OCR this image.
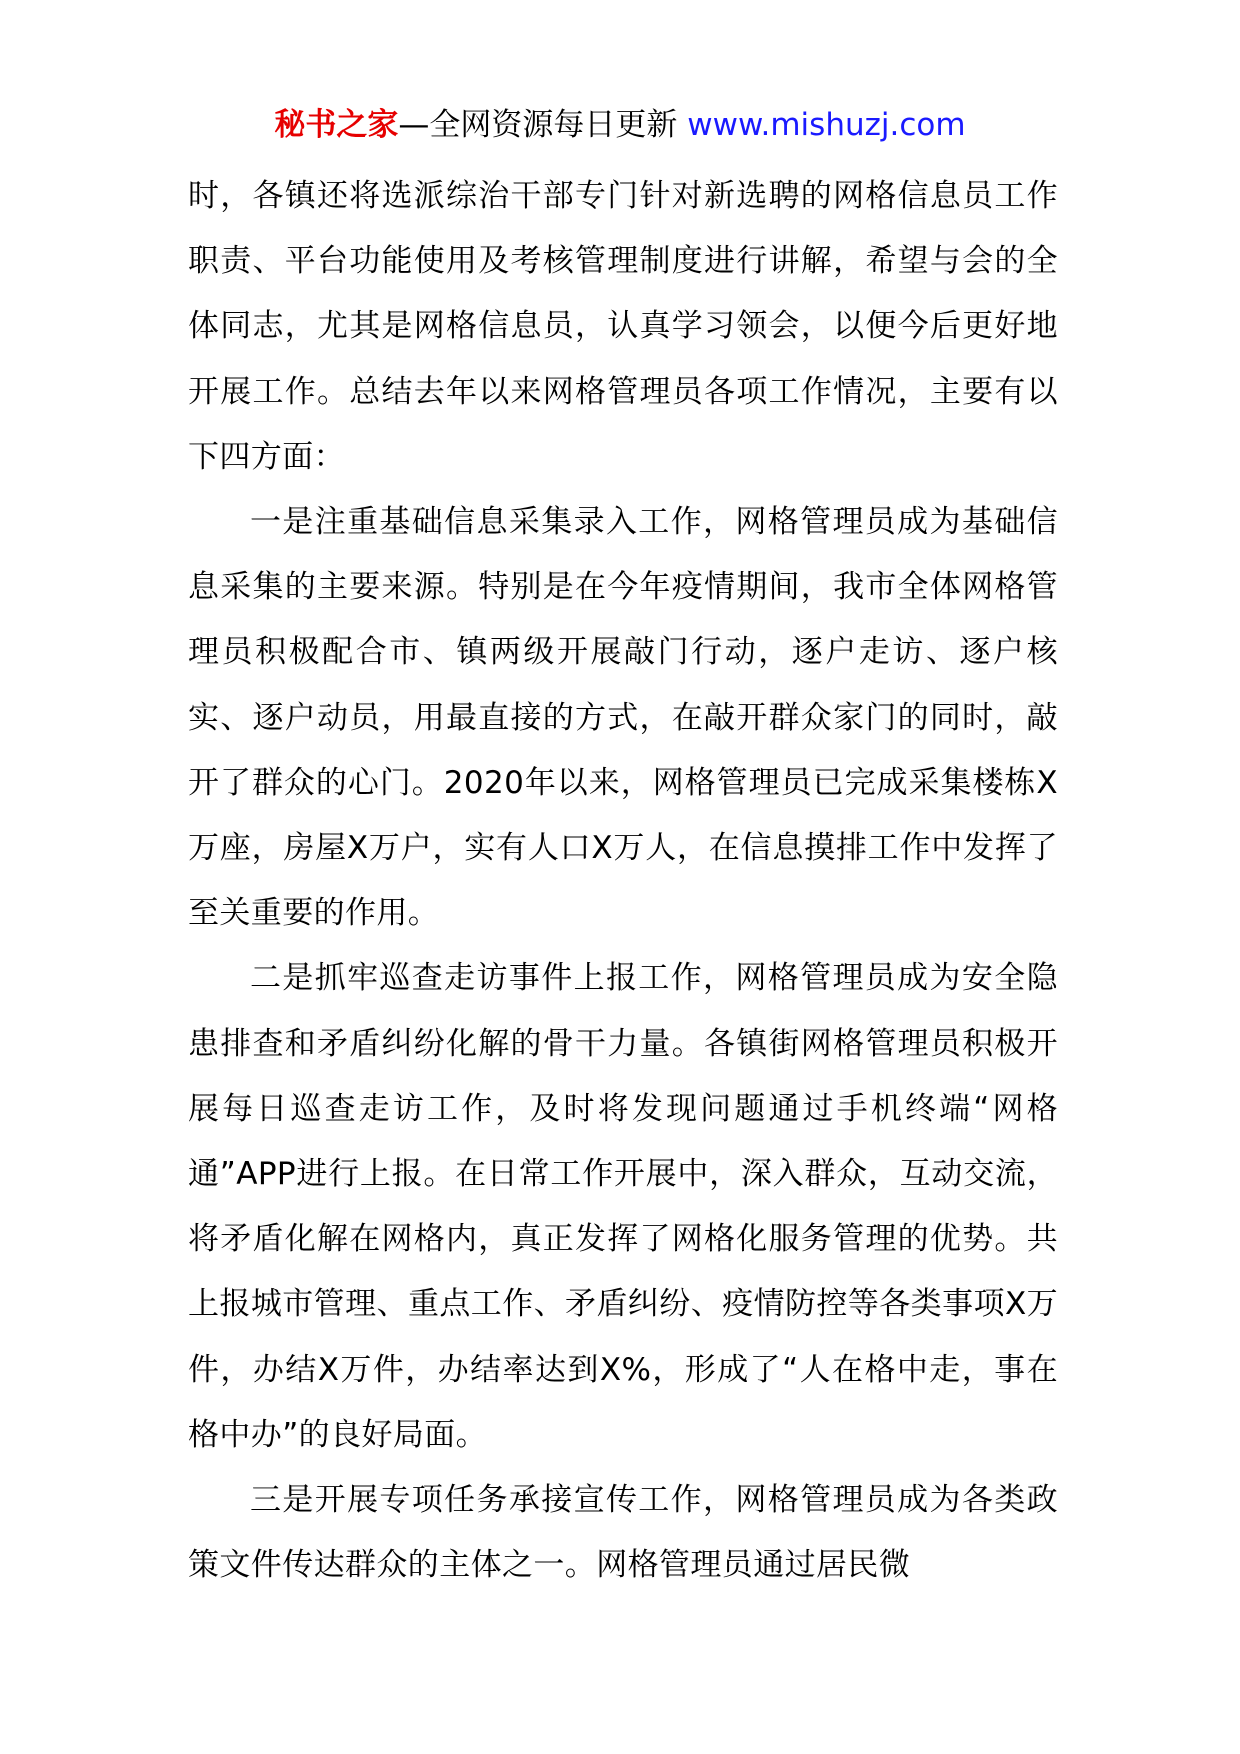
秘书之家—全网资源每日更新 www.mishuzj.com

时，各镇还将选派综治干部专门针对新选聘的网格信息员工作职责、平台功能使用及考核管理制度进行讲解，希望与会的全体同志，尤其是网格信息员，认真学习领会，以便今后更好地开展工作。总结去年以来网格管理员各项工作情况，主要有以下四方面：

一是注重基础信息采集录入工作，网格管理员成为基础信息采集的主要来源。特别是在今年疫情期间，我市全体网格管理员积极配合市、镇两级开展敲门行动，逐户走访、逐户核实、逐户动员，用最直接的方式，在敲开群众家门的同时，敲开了群众的心门。2020年以来，网格管理员已完成采集楼栋X万座，房屋X万户，实有人口X万人，在信息摸排工作中发挥了至关重要的作用。

二是抓牢巡查走访事件上报工作，网格管理员成为安全隐患排查和矛盾纠纷化解的骨干力量。各镇街网格管理员积极开展每日巡查走访工作，及时将发现问题通过手机终端“网格通”APP进行上报。在日常工作开展中，深入群众，互动交流，将矛盾化解在网格内，真正发挥了网格化服务管理的优势。共上报城市管理、重点工作、矛盾纠纷、疫情防控等各类事项X万件，办结X万件，办结率达到X%，形成了“人在格中走，事在格中办”的良好局面。

三是开展专项任务承接宣传工作，网格管理员成为各类政策文件传达群众的主体之一。网格管理员通过居民微
